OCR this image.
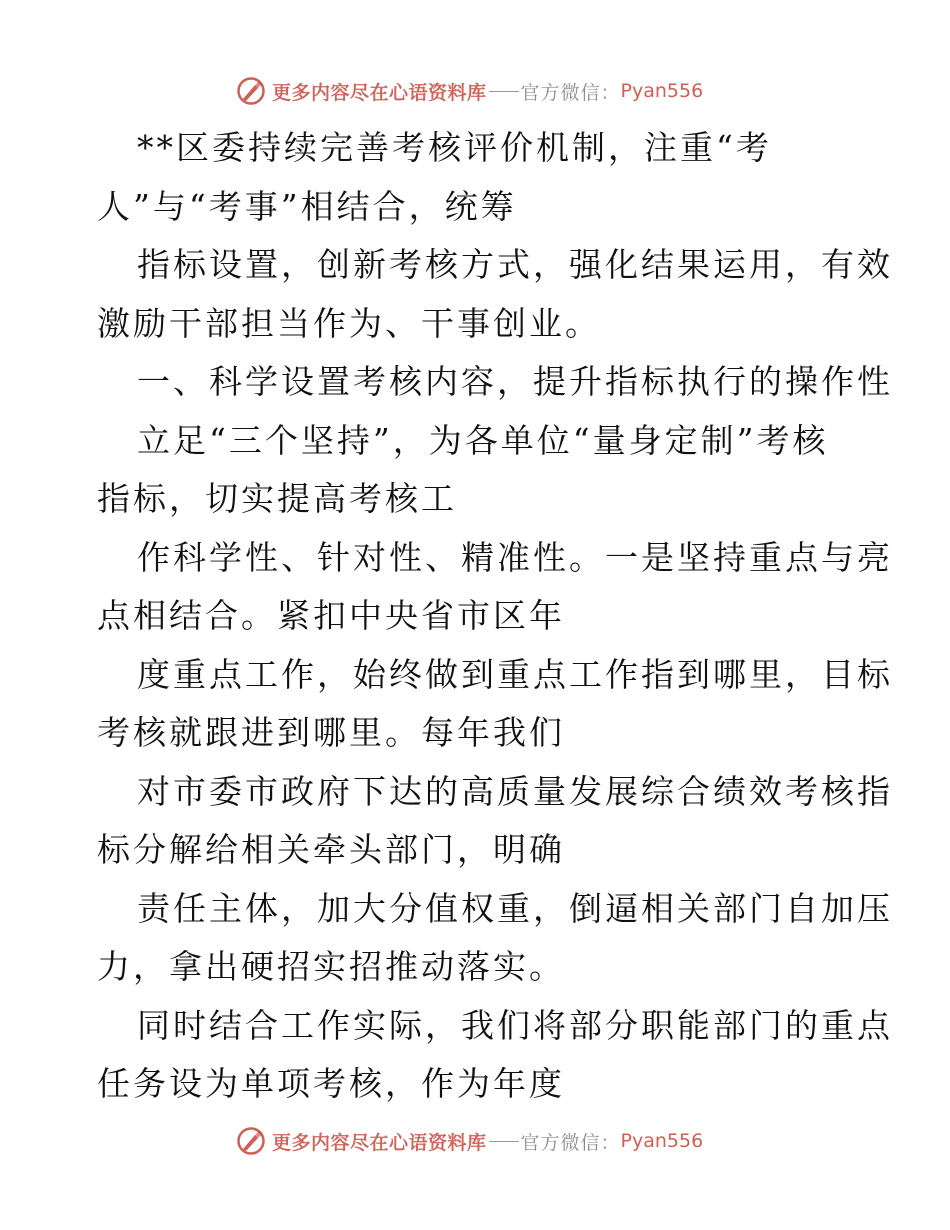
更多内容尽在心语资料库 官方微信： Pyan556
**区委持续完善考核评价机制，注重“考
人”与“考事”相结合，统筹
指标设置，创新考核方式，强化结果运用，有效
激励干部担当作为、干事创业。
一、科学设置考核内容，提升指标执行的操作性
立足“三个坚持”，为各单位“量身定制”考核
指标，切实提高考核工
作科学性、针对性、精准性。一是坚持重点与亮
点相结合。紧扣中央省市区年
度重点工作，始终做到重点工作指到哪里，目标
考核就跟进到哪里。每年我们
对市委市政府下达的高质量发展综合绩效考核指
标分解给相关牵头部门，明确
责任主体，加大分值权重，倒逼相关部门自加压
力，拿出硬招实招推动落实。
同时结合工作实际，我们将部分职能部门的重点
任务设为单项考核，作为年度
更多内容尽在心语资料库 官方微信： Pyan556
